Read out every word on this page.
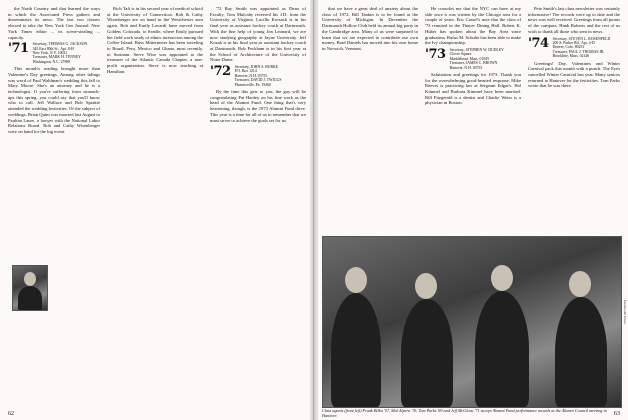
the North Country and that learned the ways in which the Associated Press gathers and disseminates its news. The last two classes elected to take the New York Geo Journal. New York Times editor ... its scene-stealing ... capacity.

'71 Secretary, THOMAS G. JACKSON
345 East 80th St., Apt. 8-H
New York, N.Y. 10021
Treasurer, MARK H. TENNEY
Washington, N.C. 27889

This month's reading brought more than Valentine's Day greetings. Among other tidings was word of Paul Waldman's wedding this fall to Mary Moore. She's an attorney and he is a technologist. If you're suffering from stomach-ups this spring, you could say that you'll know who to call. Jeff Wallace and Rob Sprakie attended the wedding festivities. Of the subject of weddings, Brian Quint was married last August to Paulina Laure, a lawyer with the National Labor Relations Board. Rob and Cathy Wisenberger were on hand for the big event.

Rich Taft is in his second year of medical school at the University of Connecticut. Rob & Cathy Wisenberger are on hand in the Westchester area again. Rob and Emily Lavardi have moved from Golden, Colorado, to Seattle, where Emily pursued her field work study of ethnic interaction among the Coffee Island. Russ Mittermeier has been traveling to Brazil, Peru, Mexico and Ghana, most recently, in Surinam. Steve Wise was appointed to the treasurer of the Atlantic Canada Chapter, a non-profit organization. Steve is now teaching at Hamilton.

'72 Ray Smith was appointed as Dean of Faculty. Tom Mulcahy received his J.D. from the University of Virginia. Lucille Kossack is in his final year as assistant hockey coach at Dartmouth. With the fine help of young Jon Leonard, we are now studying geography at Jayne University. Jeff Kozak is in his final year as assistant hockey coach at Dartmouth. Bob Peckham is in his first year at the School of Architecture of the University of Notre Dame.

'72 Secretary, JOHN S. BURKE
P.O. Box 1214
Hanover, N.H. 03755
Treasurer, DAVID J. TWIGGS
Phoenixville, Pa. 19460

By the time this gets to you, the guy will be congratulating Pat Hanley on his fine work as the head of the Alumni Fund. One thing that's very heartening, though, is the 1973 Alumni Fund drive. This year is a time for all of us to remember that we must strive to achieve the goals set for us.

62

that we have a great deal of anxiety about the class of 1972. Bill Tankin is to be found at the University of Michigan. In December the Dartmouth Hollow Club held its annual big party in the Cambridge area. Many of us were surprised to learn that we are expected to contribute our own money. Brad Daniels has moved into his own home in Norwich, Vermont.

He consoles me that the NYC can have at my side once it was written by the Chicago area for a couple of years. Eric Cassel's note that the class of '73 reunited in the Thayer Dining Hall. Robert K. Huber has spoken about the Bay Area since graduation. Rufus M. Schulte has been able to make the Ivy championship.

'73 Secretary, STEPHEN W. DUDLEY
Clover Square
Marblehead, Mass. 01945
Treasurer, JAMES C. BROWN
Hanover, N.H. 03755

Salutations and greetings for 1973. Thank you for the overwhelming good-hearted response. Mike Reeves is practicing law at Sergeant Edgar's. Hal Kimmel and Barbara Kimmel have been married. Bill Fitzgerald is a dentist and Charlie Weiss is a physician in Boston.

Pete Smith's last class newsletter was certainly informative! The records were up to date and the news was well received. Greetings from all points of the compass. Hank Roberts and the rest of us wish to thank all those who sent in news.

'74 Secretary, STEVEN L. ROSENFELD
200 S. Parker Rd., Apt. 4-D
Denver, Colo. 80231
Treasurer, PAUL J. THOMAS JR.
Brookline, Mass. 02146

Greetings! Day, Valentines and Winter Carnival pack this month with a punch. The Eyes cancelled Winter Carnival last year. Many seniors returned to Hanover for the festivities. Tom Parks wrote that he was there.

Dartmouth Photo
Class agents (front left) Frank Bilbo '57, Mal Alpern '76, Tom Parks '69 and Jeff McGlone '71 accept Alumni Fund performance awards at the Alumni Council meeting in Hanover.	63
